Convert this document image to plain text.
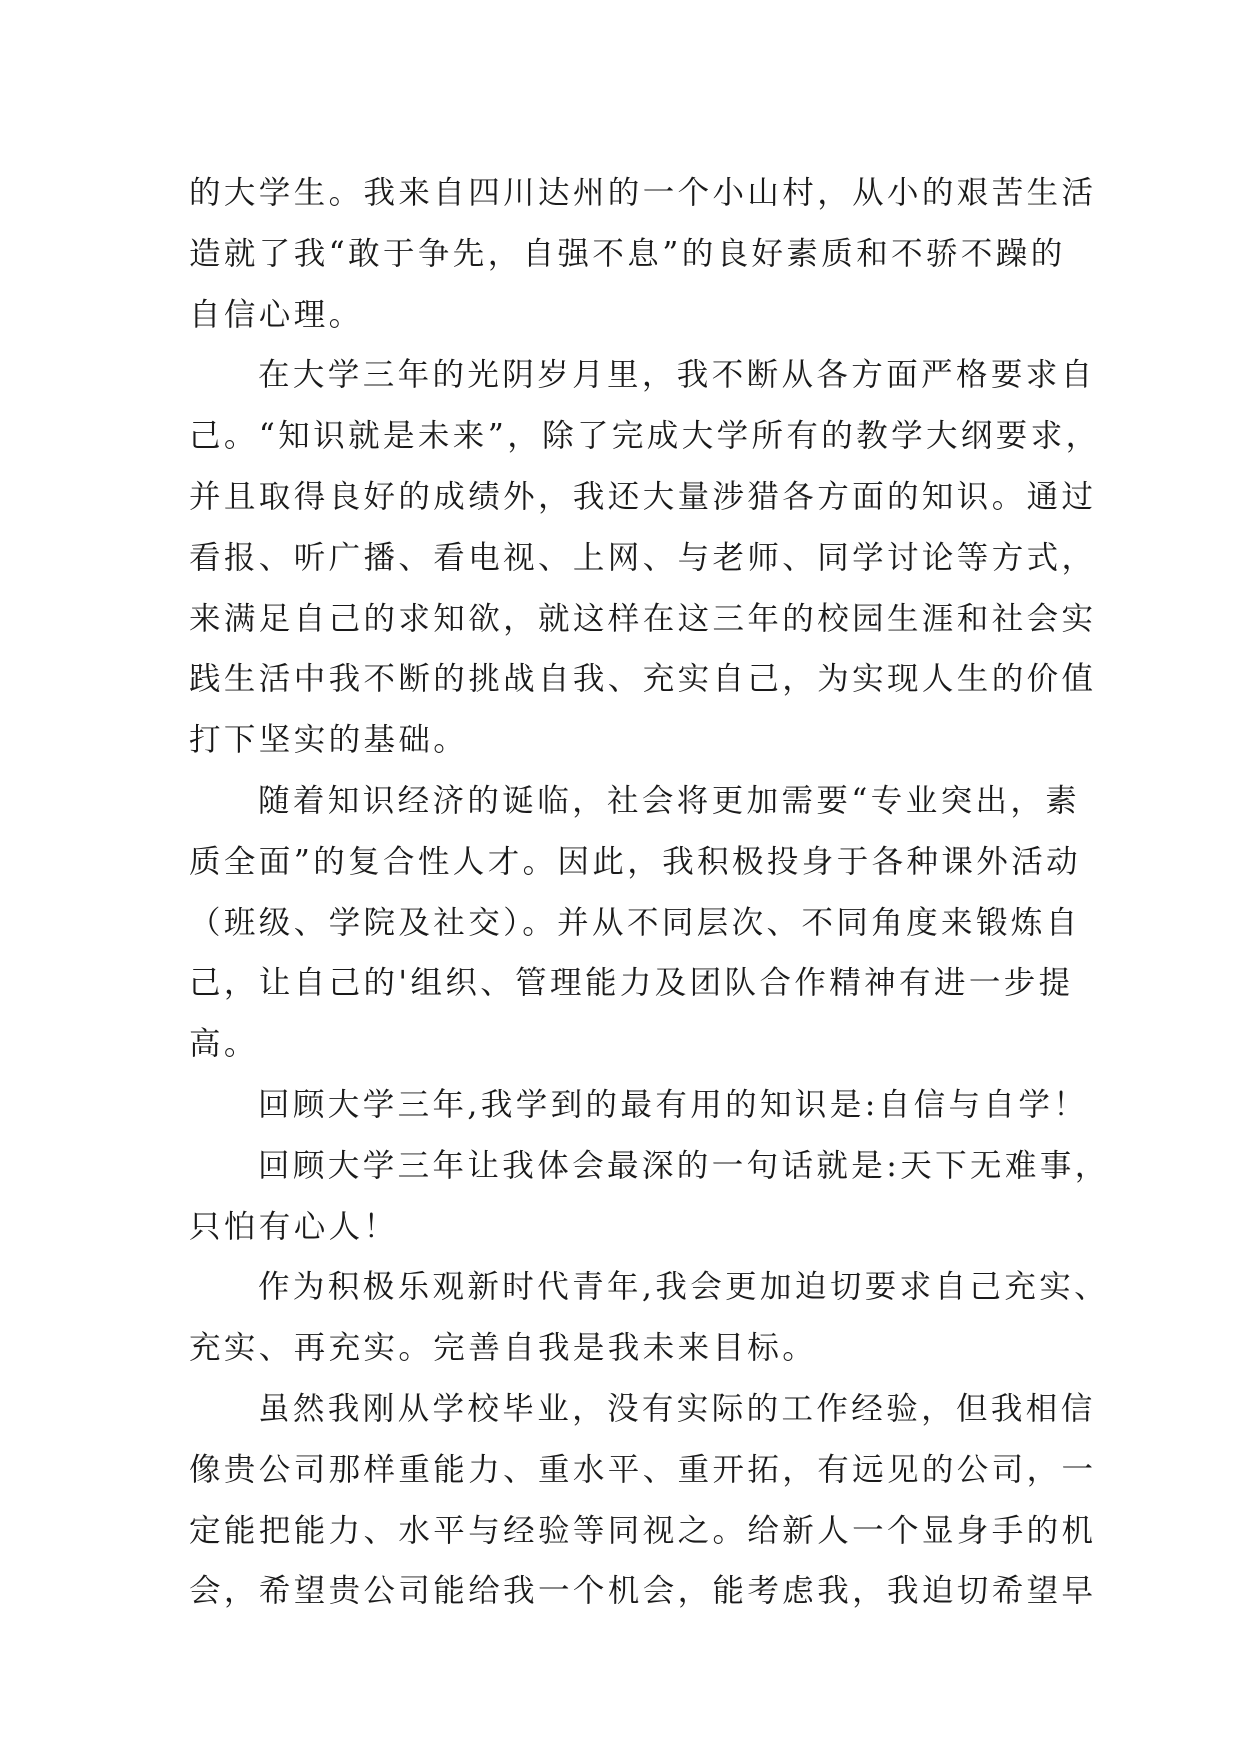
的大学生。我来自四川达州的一个小山村，从小的艰苦生活
造就了我“敢于争先，自强不息”的良好素质和不骄不躁的
自信心理。
在大学三年的光阴岁月里，我不断从各方面严格要求自
己。“知识就是未来”，除了完成大学所有的教学大纲要求，
并且取得良好的成绩外，我还大量涉猎各方面的知识。通过
看报、听广播、看电视、上网、与老师、同学讨论等方式，
来满足自己的求知欲，就这样在这三年的校园生涯和社会实
践生活中我不断的挑战自我、充实自己，为实现人生的价值
打下坚实的基础。
随着知识经济的诞临，社会将更加需要“专业突出，素
质全面”的复合性人才。因此，我积极投身于各种课外活动
（班级、学院及社交）。并从不同层次、不同角度来锻炼自
己，让自己的'组织、管理能力及团队合作精神有进一步提
高。
回顾大学三年,我学到的最有用的知识是:自信与自学！
回顾大学三年让我体会最深的一句话就是:天下无难事，
只怕有心人！
作为积极乐观新时代青年,我会更加迫切要求自己充实、
充实、再充实。完善自我是我未来目标。
虽然我刚从学校毕业，没有实际的工作经验，但我相信
像贵公司那样重能力、重水平、重开拓，有远见的公司，一
定能把能力、水平与经验等同视之。给新人一个显身手的机
会，希望贵公司能给我一个机会，能考虑我，我迫切希望早
